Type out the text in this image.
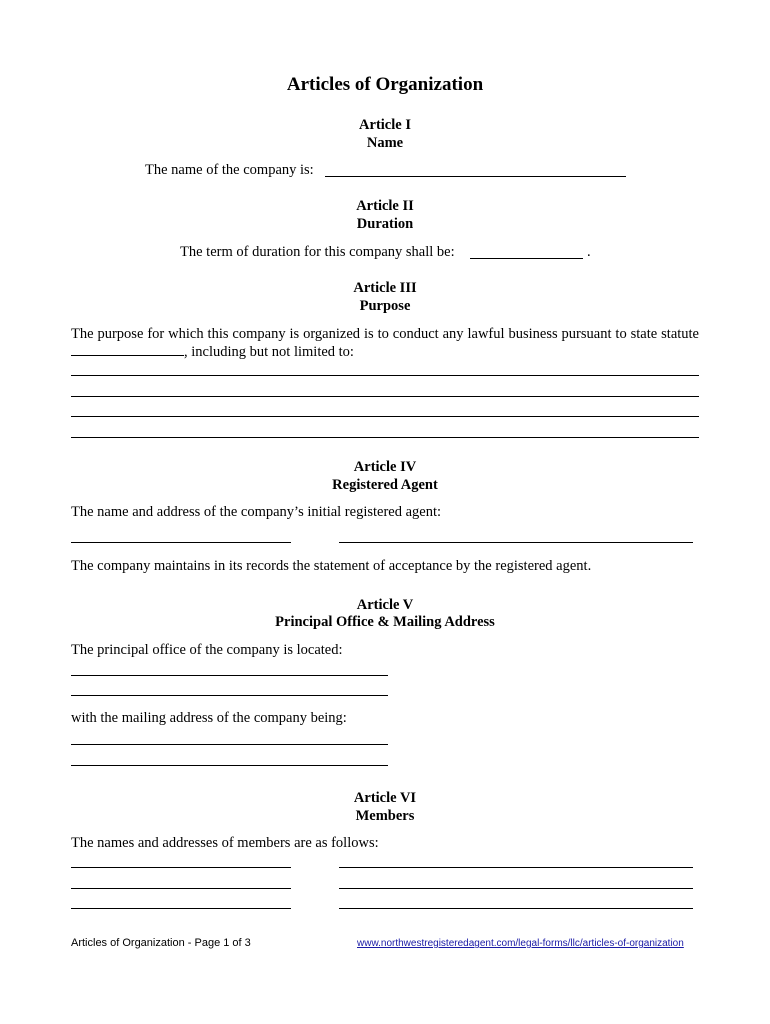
Articles of Organization
Article I
Name
The name of the company is:
Article II
Duration
The term of duration for this company shall be:	.
Article III
Purpose
The purpose for which this company is organized is to conduct any lawful business pursuant to state statute , including but not limited to:
Article IV
Registered Agent
The name and address of the company’s initial registered agent:
The company maintains in its records the statement of acceptance by the registered agent.
Article V
Principal Office & Mailing Address
The principal office of the company is located:
with the mailing address of the company being:
Article VI
Members
The names and addresses of members are as follows:
Articles of Organization - Page 1 of 3	www.northwestregisteredagent.com/legal-forms/llc/articles-of-organization
